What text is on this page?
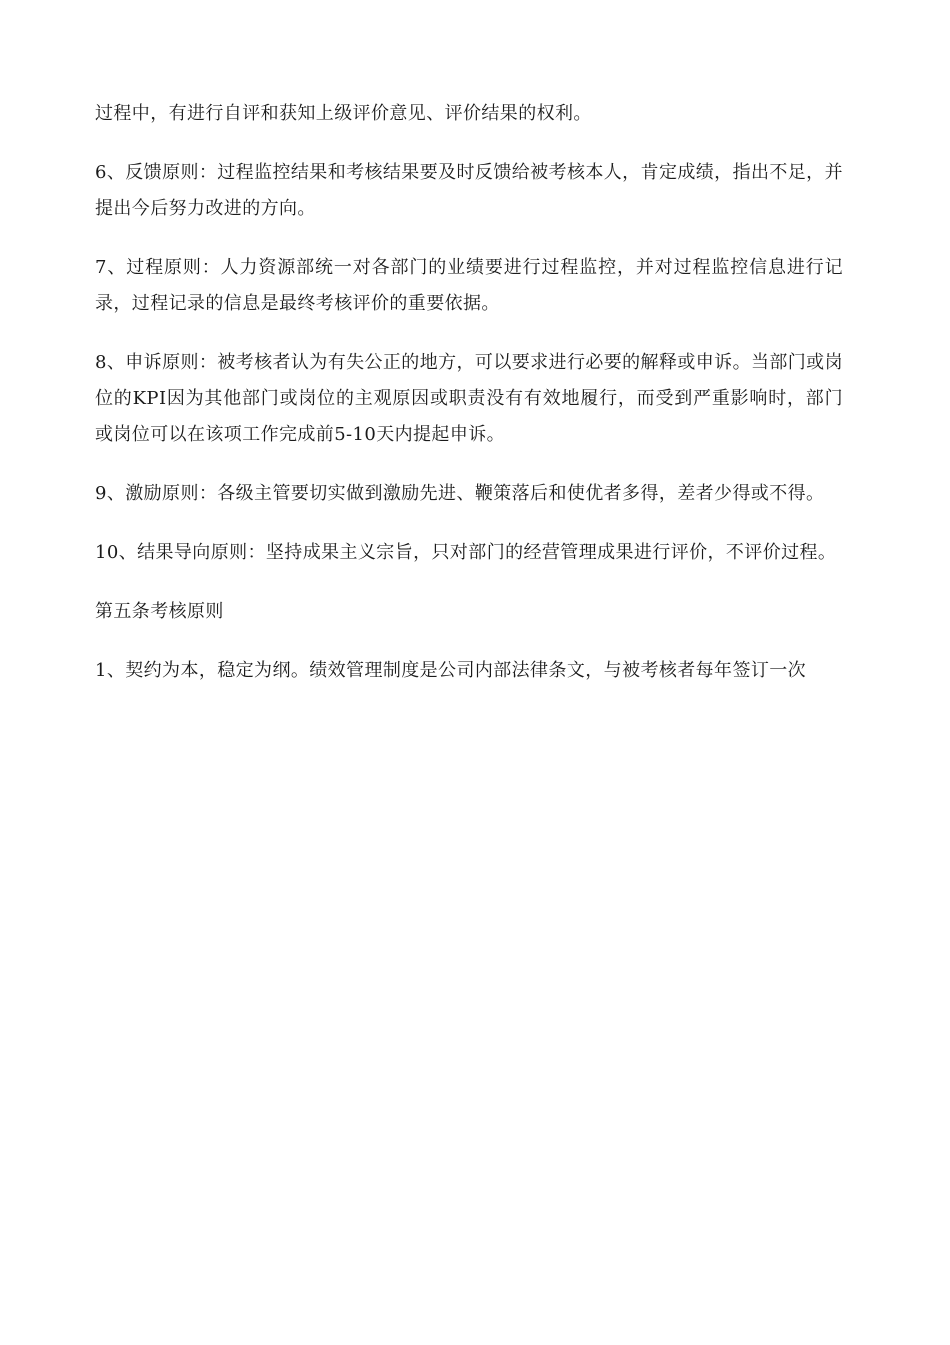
过程中，有进行自评和获知上级评价意见、评价结果的权利。

6、反馈原则：过程监控结果和考核结果要及时反馈给被考核本人，肯定成绩，指出不足，并提出今后努力改进的方向。

7、过程原则：人力资源部统一对各部门的业绩要进行过程监控，并对过程监控信息进行记录，过程记录的信息是最终考核评价的重要依据。

8、申诉原则：被考核者认为有失公正的地方，可以要求进行必要的解释或申诉。当部门或岗位的KPI因为其他部门或岗位的主观原因或职责没有有效地履行，而受到严重影响时，部门或岗位可以在该项工作完成前5-10天内提起申诉。

9、激励原则：各级主管要切实做到激励先进、鞭策落后和使优者多得，差者少得或不得。

10、结果导向原则：坚持成果主义宗旨，只对部门的经营管理成果进行评价，不评价过程。

第五条考核原则

1、契约为本，稳定为纲。绩效管理制度是公司内部法律条文，与被考核者每年签订一次
